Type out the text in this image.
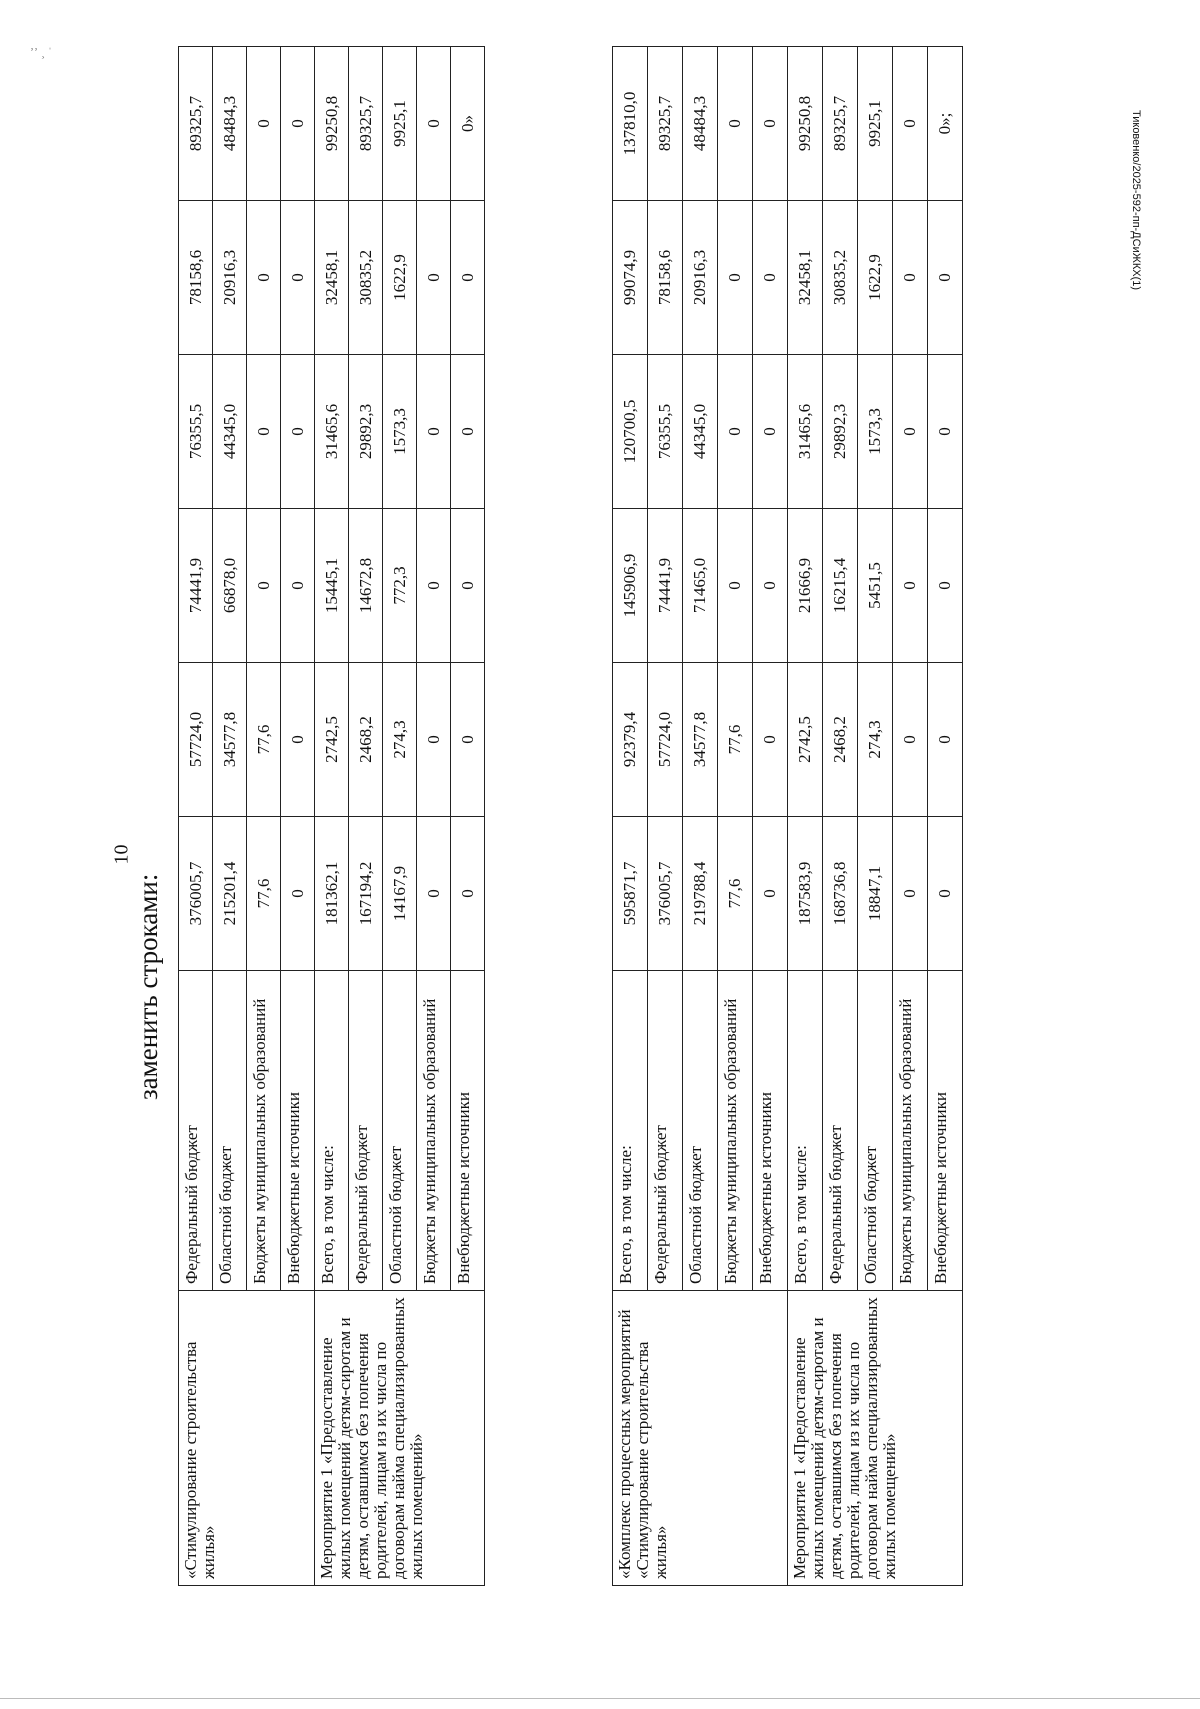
ʼʼ ¸ ˈ
10
«Стимулирование строительства жилья»	Федеральный бюджет	376005,7	57724,0	74441,9	76355,5	78158,6	89325,7
	Областной бюджет	215201,4	34577,8	66878,0	44345,0	20916,3	48484,3
	Бюджеты муниципальных образований	77,6	77,6	0	0	0	0
	Внебюджетные источники	0	0	0	0	0	0
Мероприятие 1 «Предоставление жилых помещений детям-сиротам и детям, оставшимся без попечения родителей, лицам из их числа по договорам найма специализированных жилых помещений»	Всего, в том числе:	181362,1	2742,5	15445,1	31465,6	32458,1	99250,8
	Федеральный бюджет	167194,2	2468,2	14672,8	29892,3	30835,2	89325,7
	Областной бюджет	14167,9	274,3	772,3	1573,3	1622,9	9925,1
	Бюджеты муниципальных образований	0	0	0	0	0	0
	Внебюджетные источники	0	0	0	0	0	0»
«Комплекс процессных мероприятий «Стимулирование строительства жилья»	Всего, в том числе:	595871,7	92379,4	145906,9	120700,5	99074,9	137810,0
	Федеральный бюджет	376005,7	57724,0	74441,9	76355,5	78158,6	89325,7
	Областной бюджет	219788,4	34577,8	71465,0	44345,0	20916,3	48484,3
	Бюджеты муниципальных образований	77,6	77,6	0	0	0	0
	Внебюджетные источники	0	0	0	0	0	0
Мероприятие 1 «Предоставление жилых помещений детям-сиротам и детям, оставшимся без попечения родителей, лицам из их числа по договорам найма специализированных жилых помещений»	Всего, в том числе:	187583,9	2742,5	21666,9	31465,6	32458,1	99250,8
	Федеральный бюджет	168736,8	2468,2	16215,4	29892,3	30835,2	89325,7
	Областной бюджет	18847,1	274,3	5451,5	1573,3	1622,9	9925,1
	Бюджеты муниципальных образований	0	0	0	0	0	0
	Внебюджетные источники	0	0	0	0	0	0»;
заменить строками:
Тиковенко/2025-592-пп-ДСиЖКХ(1)
